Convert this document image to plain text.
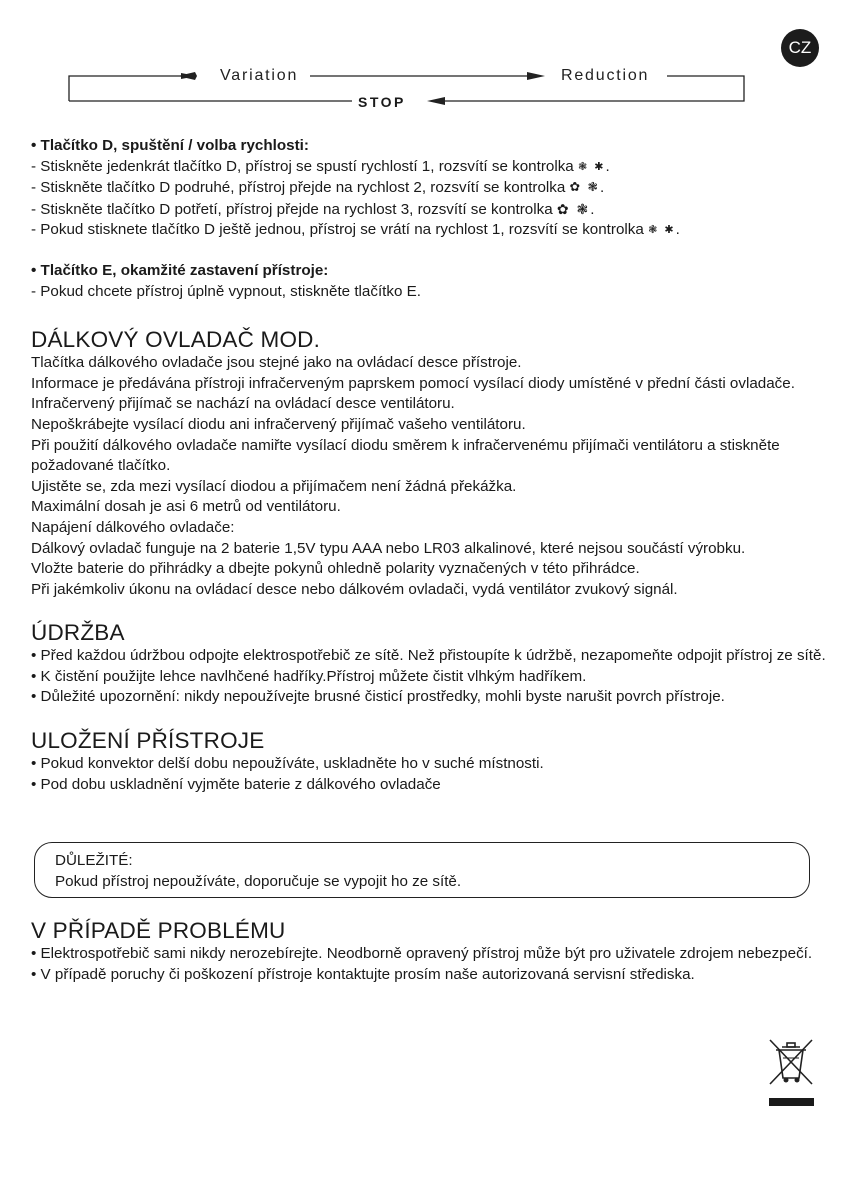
CZ
Variation	Reduction
STOP

• Tlačítko D, spuštění / volba rychlosti:

- Stiskněte jedenkrát tlačítko D, přístroj se spustí rychlostí 1, rozsvítí se kontrolka ❃ ✱.

- Stiskněte tlačítko D podruhé, přístroj přejde na rychlost 2, rozsvítí se kontrolka ✿ ❃.

- Stiskněte tlačítko D potřetí, přístroj přejde na rychlost 3, rozsvítí se kontrolka ✿ ❃.

- Pokud stisknete tlačítko D ještě jednou, přístroj se vrátí na rychlost 1, rozsvítí se kontrolka ❃ ✱.

• Tlačítko E, okamžité zastavení přístroje:

- Pokud chcete přístroj úplně vypnout, stiskněte tlačítko E.

DÁLKOVÝ OVLADAČ MOD.

Tlačítka dálkového ovladače jsou stejné jako na ovládací desce přístroje.

Informace je předávána přístroji infračerveným paprskem pomocí vysílací diody umístěné v přední části ovladače. Infračervený přijímač se nachází na ovládací desce ventilátoru.

Nepoškrábejte vysílací diodu ani infračervený přijímač vašeho ventilátoru.

Při použití dálkového ovladače namiřte vysílací diodu směrem k infračervenému přijímači ventilátoru a stiskněte požadované tlačítko.

Ujistěte se, zda mezi vysílací diodou a přijímačem není žádná překážka.

Maximální dosah je asi 6 metrů od ventilátoru.

Napájení dálkového ovladače:

Dálkový ovladač funguje na 2 baterie 1,5V typu AAA nebo LR03 alkalinové, které nejsou součástí výrobku.

Vložte baterie do přihrádky a dbejte pokynů ohledně polarity vyznačených v této přihrádce.

Při jakémkoliv úkonu na ovládací desce nebo dálkovém ovladači, vydá ventilátor zvukový signál.

ÚDRŽBA

• Před každou údržbou odpojte elektrospotřebič ze sítě. Než přistoupíte k údržbě, nezapomeňte odpojit přístroj ze sítě.

• K čistění použijte lehce navlhčené hadříky.Přístroj můžete čistit vlhkým hadříkem.

• Důležité upozornění: nikdy nepoužívejte brusné čisticí prostředky, mohli byste narušit povrch přístroje.

ULOŽENÍ PŘÍSTROJE

• Pokud konvektor delší dobu nepoužíváte, uskladněte ho v suché místnosti.

• Pod dobu uskladnění vyjměte baterie z dálkového ovladače

DŮLEŽITÉ:

Pokud přístroj nepoužíváte, doporučuje se vypojit ho ze sítě.

V PŘÍPADĚ PROBLÉMU

• Elektrospotřebič sami nikdy nerozebírejte. Neodborně opravený přístroj může být pro uživatele zdrojem nebezpečí.

• V případě poruchy či poškození přístroje kontaktujte prosím naše autorizovaná servisní střediska.
